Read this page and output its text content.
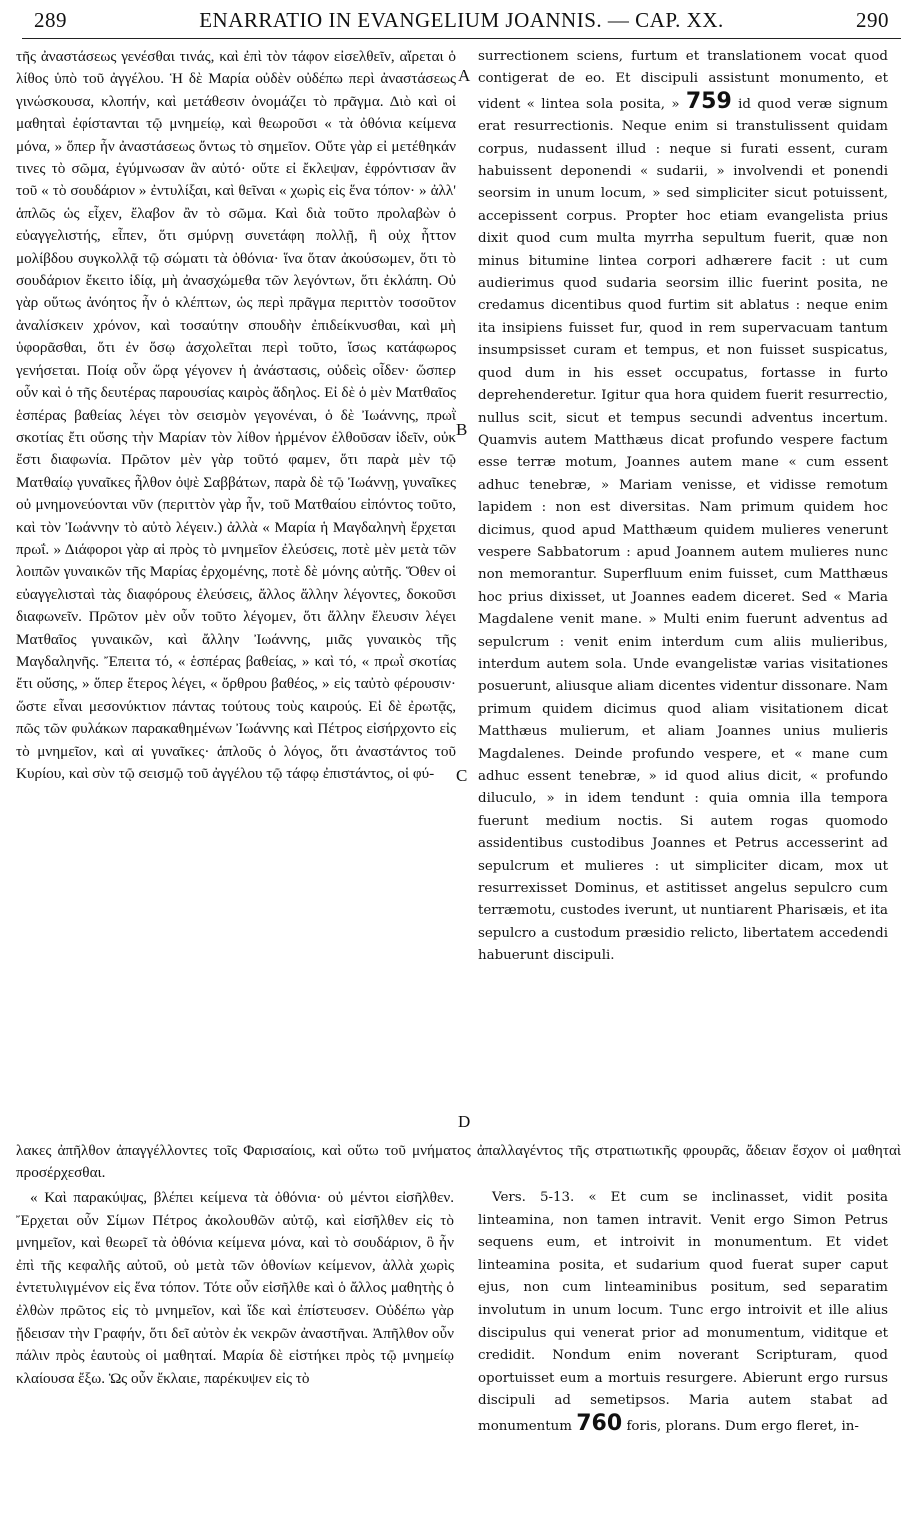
289	ENARRATIO IN EVANGELIUM JOANNIS. — CAP. XX.	290

τῆς ἀναστάσεως γενέσθαι τινάς, καὶ ἐπὶ τὸν τάφον εἰσελθεῖν, αἴρεται ὁ λίθος ὑπὸ τοῦ ἀγγέλου. Ἡ δὲ Μαρία οὐδὲν οὐδέπω περὶ ἀναστάσεως γινώσκουσα, κλοπήν, καὶ μετάθεσιν ὀνομάζει τὸ πρᾶγμα. Διὸ καὶ οἱ μαθηταὶ ἐφίστανται τῷ μνημείῳ, καὶ θεωροῦσι « τὰ ὀθόνια κείμενα μόνα, » ὅπερ ἦν ἀναστάσεως ὄντως τὸ σημεῖον. Οὔτε γὰρ εἰ μετέθηκάν τινες τὸ σῶμα, ἐγύμνωσαν ἂν αὐτό· οὔτε εἰ ἔκλεψαν, ἐφρόντισαν ἂν τοῦ « τὸ σουδάριον » ἐντυλίξαι, καὶ θεῖναι « χωρὶς εἰς ἕνα τόπον· » ἀλλ' ἁπλῶς ὡς εἶχεν, ἔλαβον ἂν τὸ σῶμα. Καὶ διὰ τοῦτο προλαβὼν ὁ εὐαγγελιστής, εἶπεν, ὅτι σμύρνῃ συνετάφη πολλῇ, ἣ οὐχ ἧττον μολίβδου συγκολλᾷ τῷ σώματι τὰ ὀθόνια· ἵνα ὅταν ἀκούσωμεν, ὅτι τὸ σουδάριον ἔκειτο ἰδίᾳ, μὴ ἀνασχώμεθα τῶν λεγόντων, ὅτι ἐκλάπη. Οὐ γὰρ οὕτως ἀνόητος ἦν ὁ κλέπτων, ὡς περὶ πρᾶγμα περιττὸν τοσοῦτον ἀναλίσκειν χρόνον, καὶ τοσαύτην σπουδὴν ἐπιδείκνυσθαι, καὶ μὴ ὑφορᾶσθαι, ὅτι ἐν ὅσῳ ἀσχολεῖται περὶ τοῦτο, ἴσως κατάφωρος γενήσεται. Ποίᾳ οὖν ὥρᾳ γέγονεν ἡ ἀνάστασις, οὐδεὶς οἶδεν· ὥσπερ οὖν καὶ ὁ τῆς δευτέρας παρουσίας καιρὸς ἄδηλος. Εἰ δὲ ὁ μὲν Ματθαῖος ἑσπέρας βαθείας λέγει τὸν σεισμὸν γεγονέναι, ὁ δὲ Ἰωάννης, πρωῒ σκοτίας ἔτι οὔσης τὴν Μαρίαν τὸν λίθον ἠρμένον ἐλθοῦσαν ἰδεῖν, οὐκ ἔστι διαφωνία. Πρῶτον μὲν γὰρ τοῦτό φαμεν, ὅτι παρὰ μὲν τῷ Ματθαίῳ γυναῖκες ἦλθον ὀψὲ Σαββάτων, παρὰ δὲ τῷ Ἰωάννῃ, γυναῖκες οὐ μνημονεύονται νῦν (περιττὸν γὰρ ἦν, τοῦ Ματθαίου εἰπόντος τοῦτο, καὶ τὸν Ἰωάννην τὸ αὐτὸ λέγειν.) ἀλλὰ « Μαρία ἡ Μαγδαληνὴ ἔρχεται πρωΐ. » Διάφοροι γὰρ αἱ πρὸς τὸ μνημεῖον ἐλεύσεις, ποτὲ μὲν μετὰ τῶν λοιπῶν γυναικῶν τῆς Μαρίας ἐρχομένης, ποτὲ δὲ μόνης αὐτῆς. Ὅθεν οἱ εὐαγγελισταὶ τὰς διαφόρους ἐλεύσεις, ἄλλος ἄλλην λέγοντες, δοκοῦσι διαφωνεῖν. Πρῶτον μὲν οὖν τοῦτο λέγομεν, ὅτι ἄλλην ἔλευσιν λέγει Ματθαῖος γυναικῶν, καὶ ἄλλην Ἰωάννης, μιᾶς γυναικὸς τῆς Μαγδαληνῆς. Ἔπειτα τό, « ἑσπέρας βαθείας, » καὶ τό, « πρωῒ σκοτίας ἔτι οὔσης, » ὅπερ ἕτερος λέγει, « ὄρθρου βαθέος, » εἰς ταὐτὸ φέρουσιν· ὥστε εἶναι μεσονύκτιον πάντας τούτους τοὺς καιρούς. Εἰ δὲ ἐρωτᾷς, πῶς τῶν φυλάκων παρακαθημένων Ἰωάννης καὶ Πέτρος εἰσήρχοντο εἰς τὸ μνημεῖον, καὶ αἱ γυναῖκες· ἁπλοῦς ὁ λόγος, ὅτι ἀναστάντος τοῦ Κυρίου, καὶ σὺν τῷ σεισμῷ τοῦ ἀγγέλου τῷ τάφῳ ἐπιστάντος, οἱ φύ-

surrectionem sciens, furtum et translationem vocat quod contigerat de eo. Et discipuli assistunt monumento, et vident « lintea sola posita, » 759 id quod veræ signum erat resurrectionis. Neque enim si transtulissent quidam corpus, nudassent illud : neque si furati essent, curam habuissent deponendi « sudarii, » involvendi et ponendi seorsim in unum locum, » sed simpliciter sicut potuissent, accepissent corpus. Propter hoc etiam evangelista prius dixit quod cum multa myrrha sepultum fuerit, quæ non minus bitumine lintea corpori adhærere facit : ut cum audierimus quod sudaria seorsim illic fuerint posita, ne credamus dicentibus quod furtim sit ablatus : neque enim ita insipiens fuisset fur, quod in rem supervacuam tantum insumpsisset curam et tempus, et non fuisset suspicatus, quod dum in his esset occupatus, fortasse in furto deprehenderetur. Igitur qua hora quidem fuerit resurrectio, nullus scit, sicut et tempus secundi adventus incertum. Quamvis autem Matthæus dicat profundo vespere factum esse terræ motum, Joannes autem mane « cum essent adhuc tenebræ, » Mariam venisse, et vidisse remotum lapidem : non est diversitas. Nam primum quidem hoc dicimus, quod apud Matthæum quidem mulieres venerunt vespere Sabbatorum : apud Joannem autem mulieres nunc non memorantur. Superfluum enim fuisset, cum Matthæus hoc prius dixisset, ut Joannes eadem diceret. Sed « Maria Magdalene venit mane. » Multi enim fuerunt adventus ad sepulcrum : venit enim interdum cum aliis mulieribus, interdum autem sola. Unde evangelistæ varias visitationes posuerunt, aliusque aliam dicentes videntur dissonare. Nam primum quidem dicimus quod aliam visitationem dicat Matthæus mulierum, et aliam Joannes unius mulieris Magdalenes. Deinde profundo vespere, et « mane cum adhuc essent tenebræ, » id quod alius dicit, « profundo diluculo, » in idem tendunt : quia omnia illa tempora fuerunt medium noctis. Si autem rogas quomodo assidentibus custodibus Joannes et Petrus accesserint ad sepulcrum et mulieres : ut simpliciter dicam, mox ut resurrexisset Dominus, et astitisset angelus sepulcro cum terræmotu, custodes iverunt, ut nuntiarent Pharisæis, et ita sepulcro a custodum præsidio relicto, libertatem accedendi habuerunt discipuli.

A
B
C
D
λακες ἀπῆλθον ἀπαγγέλλοντες τοῖς Φαρισαίοις, καὶ οὕτω τοῦ μνήματος ἀπαλλαγέντος τῆς στρατιωτικῆς φρουρᾶς, ἄδειαν ἔσχον οἱ μαθηταὶ προσέρχεσθαι.

« Καὶ παρακύψας, βλέπει κείμενα τὰ ὀθόνια· οὐ μέντοι εἰσῆλθεν. Ἔρχεται οὖν Σίμων Πέτρος ἀκολουθῶν αὐτῷ, καὶ εἰσῆλθεν εἰς τὸ μνημεῖον, καὶ θεωρεῖ τὰ ὀθόνια κείμενα μόνα, καὶ τὸ σουδάριον, ὃ ἦν ἐπὶ τῆς κεφαλῆς αὐτοῦ, οὐ μετὰ τῶν ὀθονίων κείμενον, ἀλλὰ χωρὶς ἐντετυλιγμένον εἰς ἕνα τόπον. Τότε οὖν εἰσῆλθε καὶ ὁ ἄλλος μαθητὴς ὁ ἐλθὼν πρῶτος εἰς τὸ μνημεῖον, καὶ ἴδε καὶ ἐπίστευσεν. Οὐδέπω γὰρ ᾔδεισαν τὴν Γραφήν, ὅτι δεῖ αὐτὸν ἐκ νεκρῶν ἀναστῆναι. Ἀπῆλθον οὖν πάλιν πρὸς ἑαυτοὺς οἱ μαθηταί. Μαρία δὲ εἱστήκει πρὸς τῷ μνημείῳ κλαίουσα ἔξω. Ὡς οὖν ἔκλαιε, παρέκυψεν εἰς τὸ

Vers. 5-13. « Et cum se inclinasset, vidit posita linteamina, non tamen intravit. Venit ergo Simon Petrus sequens eum, et introivit in monumentum. Et videt linteamina posita, et sudarium quod fuerat super caput ejus, non cum linteaminibus positum, sed separatim involutum in unum locum. Tunc ergo introivit et ille alius discipulus qui venerat prior ad monumentum, viditque et credidit. Nondum enim noverant Scripturam, quod oportuisset eum a mortuis resurgere. Abierunt ergo rursus discipuli ad semetipsos. Maria autem stabat ad monumentum 760 foris, plorans. Dum ergo fleret, in-
